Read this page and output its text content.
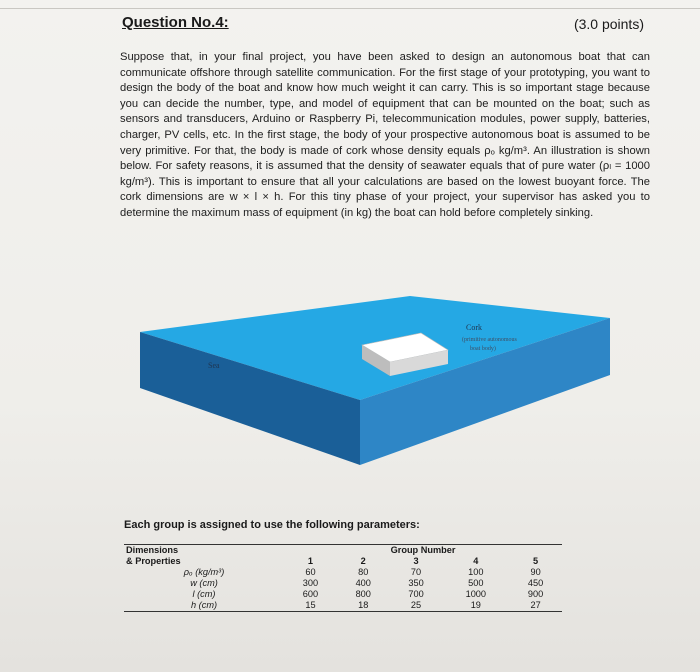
Question No.4:	(3.0 points)

Suppose that, in your final project, you have been asked to design an autonomous boat that can communicate offshore through satellite communication. For the first stage of your prototyping, you want to design the body of the boat and know how much weight it can carry. This is so important stage because you can decide the number, type, and model of equipment that can be mounted on the boat; such as sensors and transducers, Arduino or Raspberry Pi, telecommunication modules, power supply, batteries, charger, PV cells, etc. In the first stage, the body of your prospective autonomous boat is assumed to be very primitive. For that, the body is made of cork whose density equals ρₒ kg/m³. An illustration is shown below. For safety reasons, it is assumed that the density of seawater equals that of pure water (ρₗ = 1000 kg/m³). This is important to ensure that all your calculations are based on the lowest buoyant force. The cork dimensions are w × l × h. For this tiny phase of your project, your supervisor has asked you to determine the maximum mass of equipment (in kg) the boat can hold before completely sinking.

Sea
Cork
(primitive autonomous
boat body)
Each group is assigned to use the following parameters:
Dimensions	Group Number				
& Properties	1	2	3	4	5
ρₒ (kg/m³)	60	80	70	100	90
w (cm)	300	400	350	500	450
l (cm)	600	800	700	1000	900
h (cm)	15	18	25	19	27
